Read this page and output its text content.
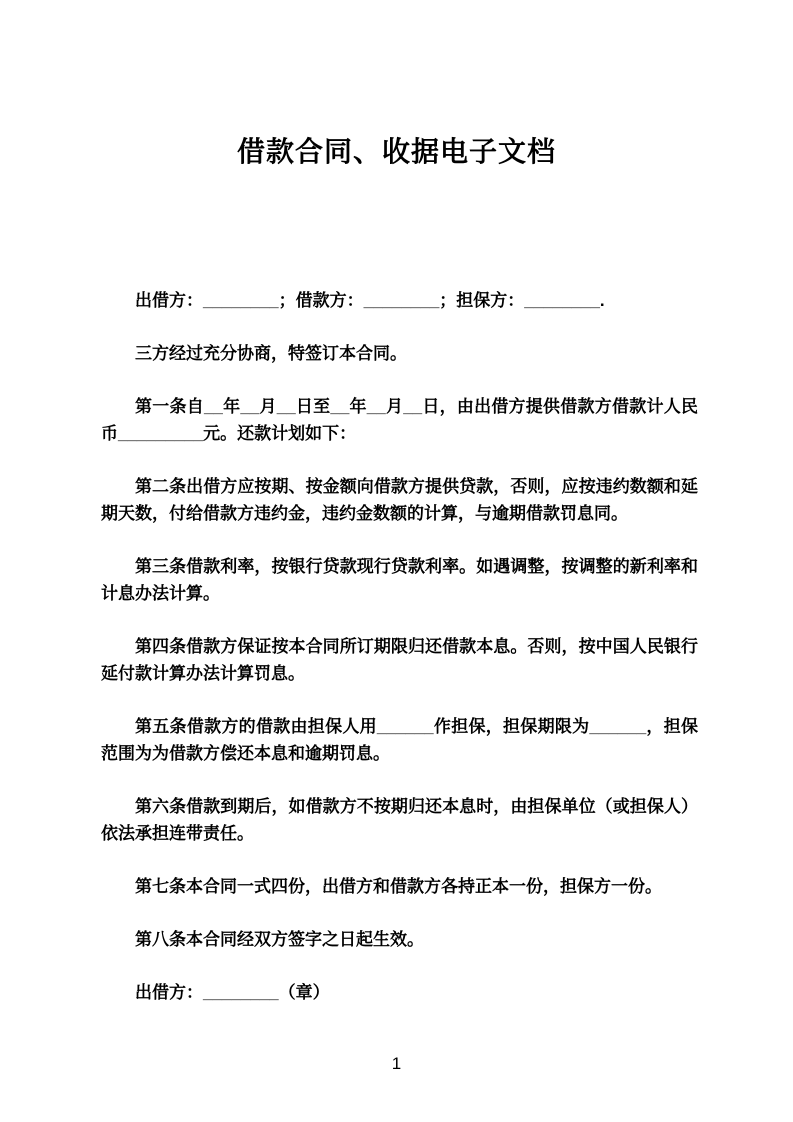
借款合同、收据电子文档

出借方：________；借款方：________；担保方：________.

三方经过充分协商，特签订本合同。

第一条自__年__月__日至__年__月__日，由出借方提供借款方借款计人民币_________元。还款计划如下：

第二条出借方应按期、按金额向借款方提供贷款，否则，应按违约数额和延期天数，付给借款方违约金，违约金数额的计算，与逾期借款罚息同。

第三条借款利率，按银行贷款现行贷款利率。如遇调整，按调整的新利率和计息办法计算。

第四条借款方保证按本合同所订期限归还借款本息。否则，按中国人民银行延付款计算办法计算罚息。

第五条借款方的借款由担保人用______作担保，担保期限为______，担保范围为为借款方偿还本息和逾期罚息。

第六条借款到期后，如借款方不按期归还本息时，由担保单位（或担保人）依法承担连带责任。

第七条本合同一式四份，出借方和借款方各持正本一份，担保方一份。

第八条本合同经双方签字之日起生效。

出借方：________（章）

1
